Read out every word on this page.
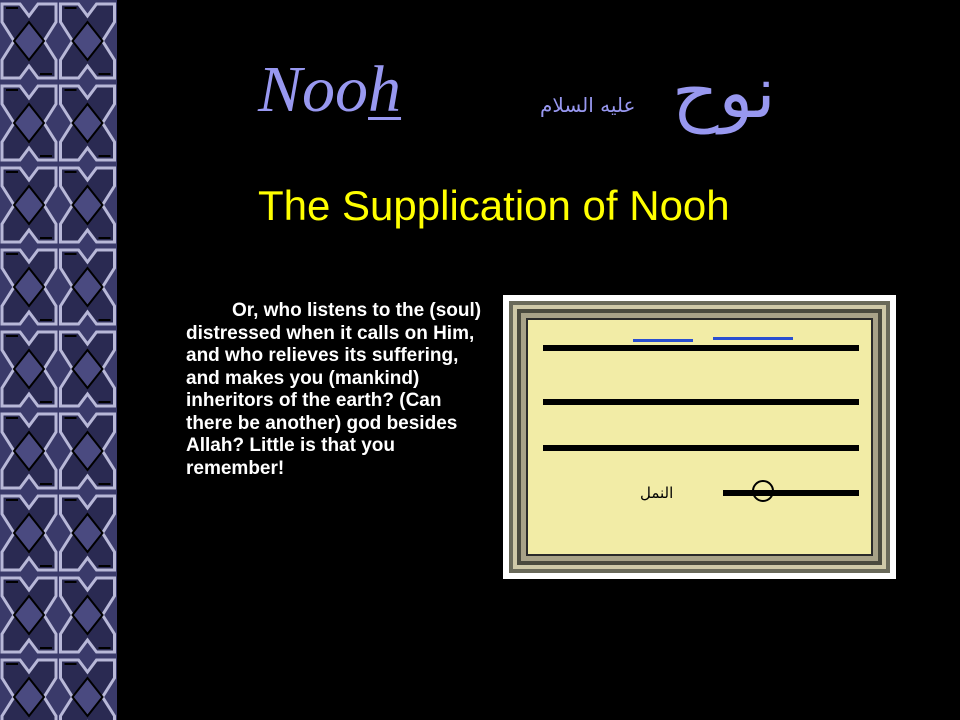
Nooh	عليه السلام نوح
The Supplication of Nooh
Or, who listens to the (soul) distressed when it calls on Him, and who relieves its suffering, and makes you (mankind) inheritors of the earth? (Can there be another) god besides Allah? Little is that you remember!
النمل
